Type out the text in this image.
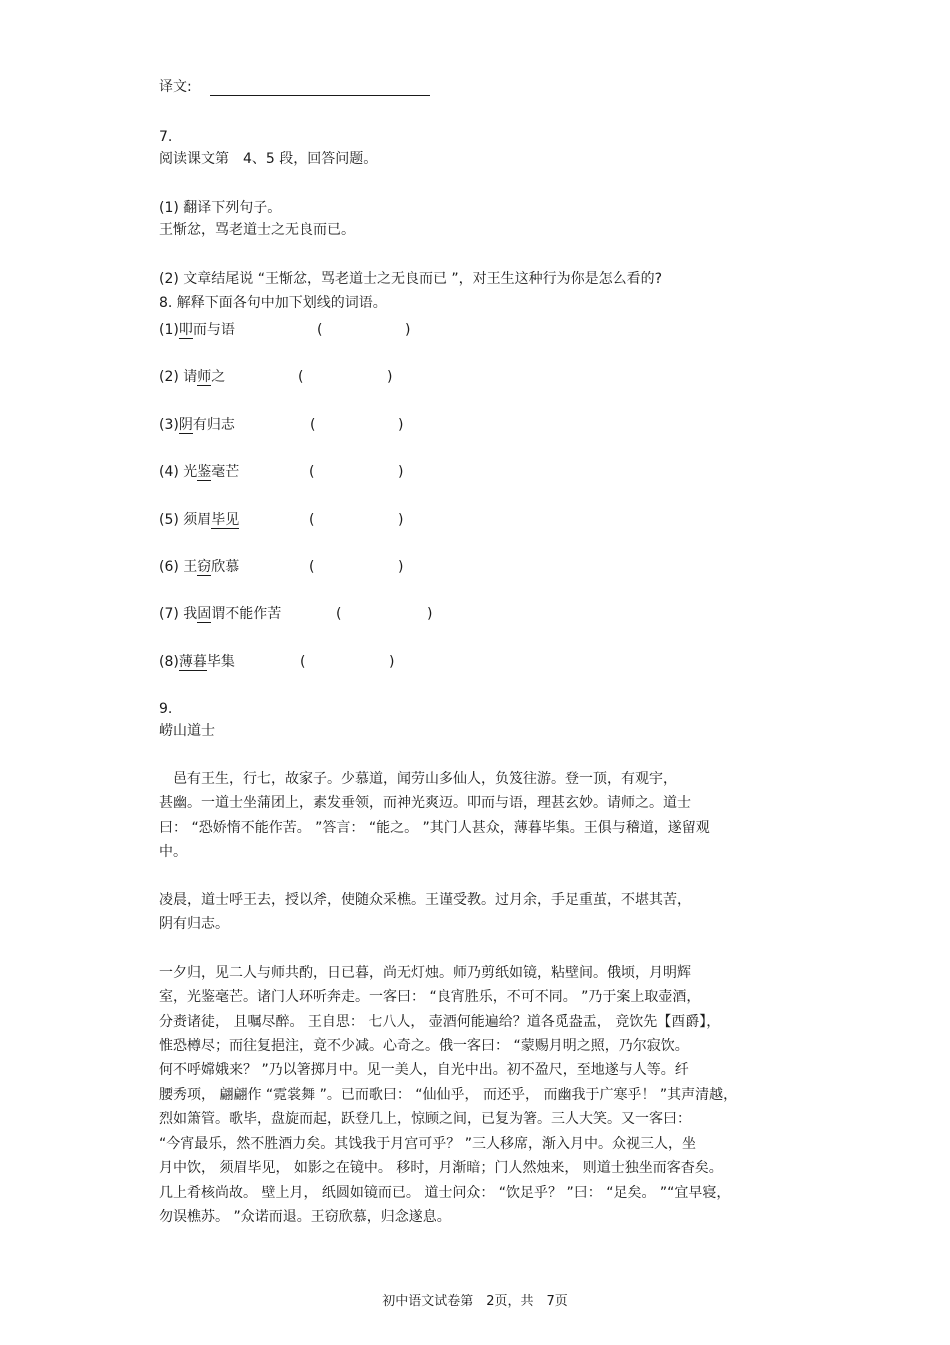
译文:
7.
阅读课文第　4、5 段，回答问题。
(1) 翻译下列句子。
王惭忿，骂老道士之无良而已。
(2) 文章结尾说 “王惭忿，骂老道士之无良而已 ”，对王生这种行为你是怎么看的?
8. 解释下面各句中加下划线的词语。
(1)叩而与语	(	)
(2) 请师之	(	)
(3)阴有归志	(	)
(4) 光鉴毫芒	(	)
(5) 须眉毕见	(	)
(6) 王窃欣慕	(	)
(7) 我固谓不能作苦	(	)
(8)薄暮毕集	(	)
9.
崂山道士
　邑有王生，行七，故家子。少慕道，闻劳山多仙人，负笈往游。登一顶，有观宇，
甚幽。一道士坐蒲团上，素发垂领，而神光爽迈。叩而与语，理甚玄妙。请师之。道士
曰： “恐娇惰不能作苦。 ”答言： “能之。 ”其门人甚众，薄暮毕集。王俱与稽道，遂留观
中。
凌晨，道士呼王去，授以斧，使随众采樵。王谨受教。过月余，手足重茧，不堪其苦，
阴有归志。
一夕归，见二人与师共酌，日已暮，尚无灯烛。师乃剪纸如镜，粘壁间。俄顷，月明辉
室，光鉴毫芒。诸门人环听奔走。一客曰： “良宵胜乐，不可不同。 ”乃于案上取壶酒，
分赉诸徒， 且嘱尽醉。 王自思： 七八人， 壶酒何能遍给？道各觅盎盂， 竞饮先【酉爵】，
惟恐樽尽；而往复挹注，竟不少减。心奇之。俄一客曰： “蒙赐月明之照，乃尔寂饮。
何不呼嫦娥来？ ”乃以箸掷月中。见一美人，自光中出。初不盈尺，至地遂与人等。纤
腰秀项， 翩翩作 “霓裳舞 ”。已而歌曰： “仙仙乎， 而还乎， 而幽我于广寒乎！ ”其声清越，
烈如箫管。歌毕，盘旋而起，跃登几上，惊顾之间，已复为箸。三人大笑。又一客曰：
“今宵最乐，然不胜酒力矣。其饯我于月宫可乎？ ”三人移席，渐入月中。众视三人，坐
月中饮， 须眉毕见， 如影之在镜中。 移时，月渐暗；门人然烛来， 则道士独坐而客杳矣。
几上肴核尚故。 壁上月， 纸圆如镜而已。 道士问众： “饮足乎？ ”曰： “足矣。 ”“宜早寝，
勿误樵苏。 ”众诺而退。王窃欣慕，归念遂息。
初中语文试卷第　2页，共　7页
